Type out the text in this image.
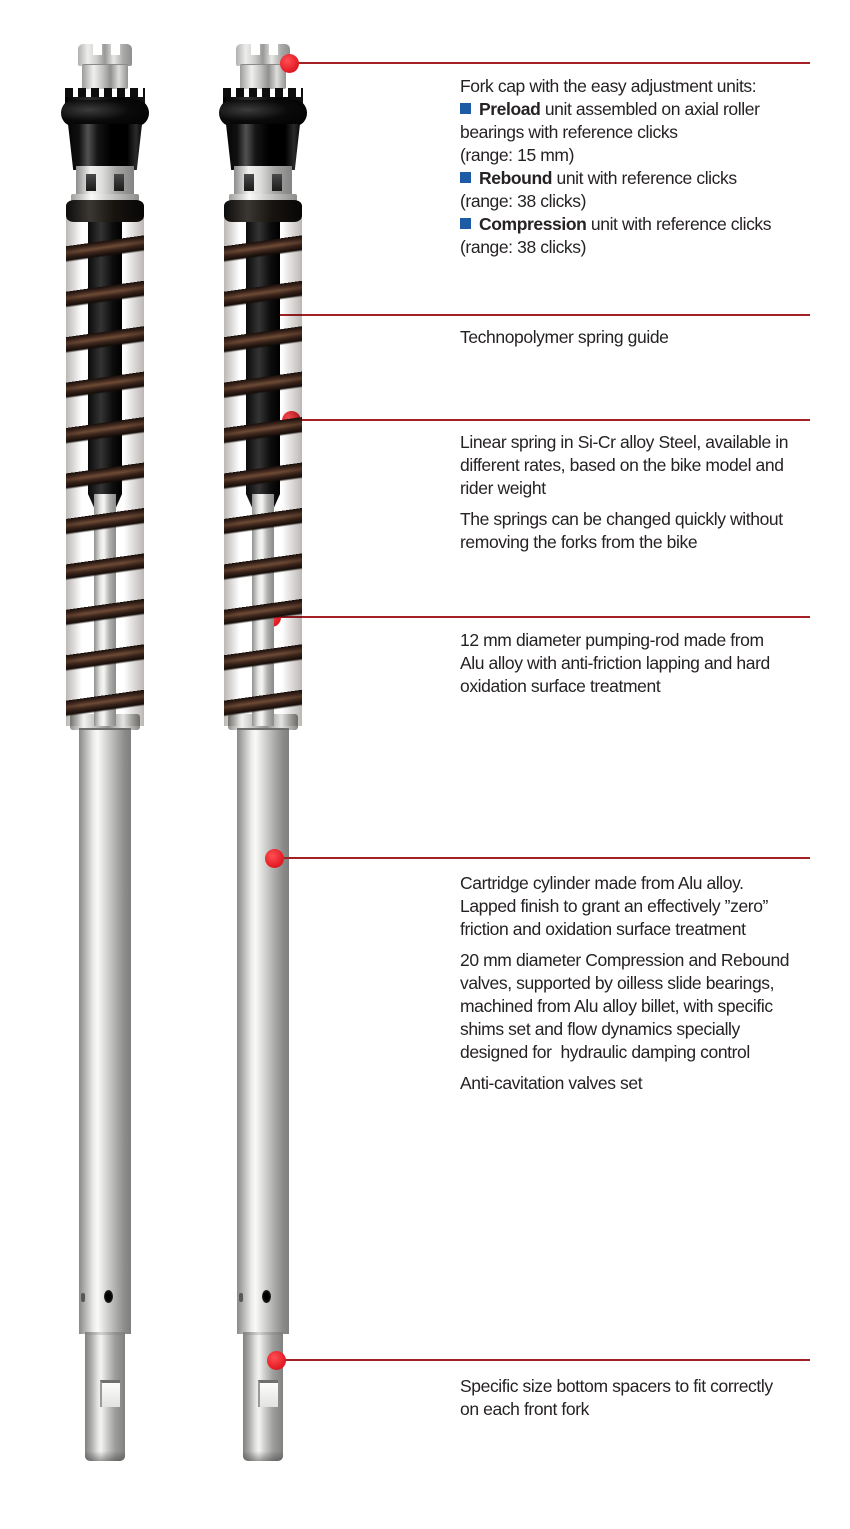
Fork cap with the easy adjustment units:
Preload unit assembled on axial roller
bearings with reference clicks
(range: 15 mm)
Rebound unit with reference clicks
(range: 38 clicks)
Compression unit with reference clicks
(range: 38 clicks)
Technopolymer spring guide
Linear spring in Si-Cr alloy Steel, available in
different rates, based on the bike model and
rider weight
The springs can be changed quickly without
removing the forks from the bike
12 mm diameter pumping-rod made from
Alu alloy with anti-friction lapping and hard
oxidation surface treatment
Cartridge cylinder made from Alu alloy.
Lapped finish to grant an effectively ”zero”
friction and oxidation surface treatment
20 mm diameter Compression and Rebound
valves, supported by oilless slide bearings,
machined from Alu alloy billet, with specific
shims set and flow dynamics specially
designed for  hydraulic damping control
Anti-cavitation valves set
Specific size bottom spacers to fit correctly
on each front fork
